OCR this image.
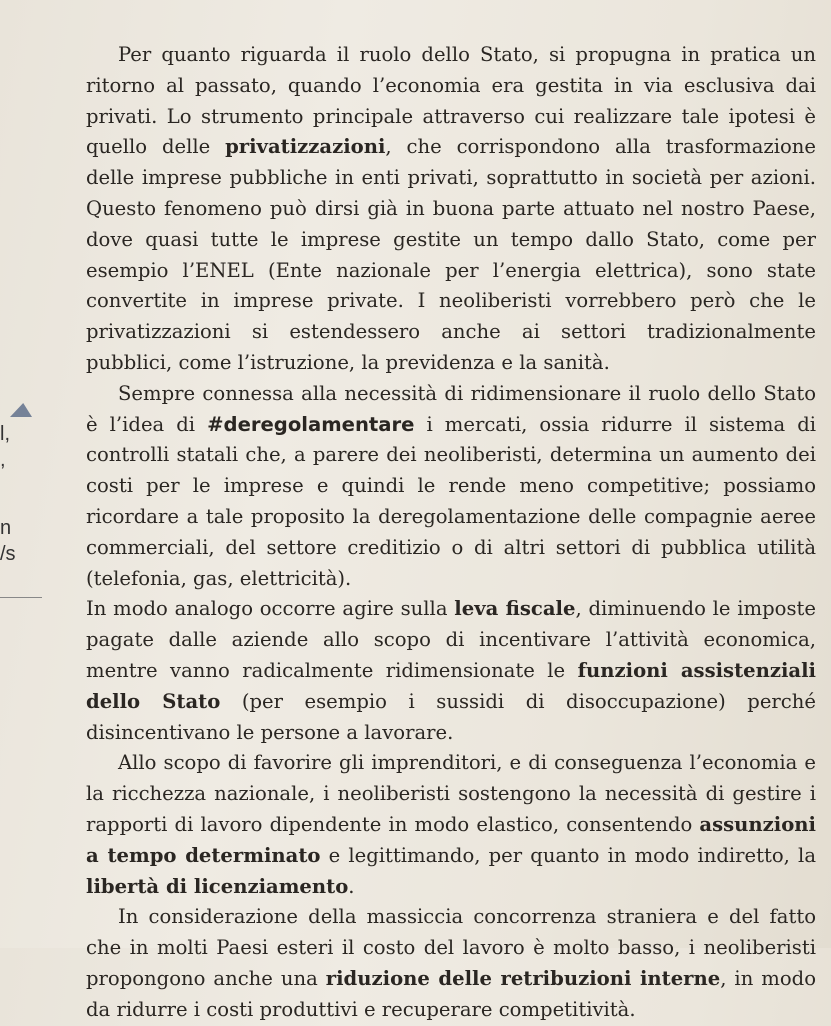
l,
,
n
/s

Per quanto riguarda il ruolo dello Stato, si propugna in pratica un ritorno al passato, quando l’economia era gestita in via esclusiva dai privati. Lo strumento principale attraverso cui realizzare tale ipotesi è quello delle privatizzazioni, che corrispondono alla trasformazione delle imprese pubbliche in enti privati, soprattutto in società per azioni. Questo fenomeno può dirsi già in buona parte attuato nel nostro Paese, dove quasi tutte le imprese gestite un tempo dallo Stato, come per esempio l’ENEL (Ente nazionale per l’energia elettrica), sono state convertite in imprese private. I neoliberisti vorrebbero però che le privatizzazioni si estendessero anche ai settori tradizionalmente pubblici, come l’istruzione, la previdenza e la sanità.

Sempre connessa alla necessità di ridimensionare il ruolo dello Stato è l’idea di #deregolamentare i mercati, ossia ridurre il sistema di controlli statali che, a parere dei neoliberisti, determina un aumento dei costi per le imprese e quindi le rende meno competitive; possiamo ricordare a tale proposito la deregolamentazione delle compagnie aeree commerciali, del settore creditizio o di altri settori di pubblica utilità (telefonia, gas, elettricità).

In modo analogo occorre agire sulla leva fiscale, diminuendo le imposte pagate dalle aziende allo scopo di incentivare l’attività economica, mentre vanno radicalmente ridimensionate le funzioni assistenziali dello Stato (per esempio i sussidi di disoccupazione) perché disincentivano le persone a lavorare.

Allo scopo di favorire gli imprenditori, e di conseguenza l’economia e la ricchezza nazionale, i neoliberisti sostengono la necessità di gestire i rapporti di lavoro dipendente in modo elastico, consentendo assunzioni a tempo determinato e legittimando, per quanto in modo indiretto, la libertà di licenziamento.

In considerazione della massiccia concorrenza straniera e del fatto che in molti Paesi esteri il costo del lavoro è molto basso, i neoliberisti propongono anche una riduzione delle retribuzioni interne, in modo da ridurre i costi produttivi e recuperare competitività.
